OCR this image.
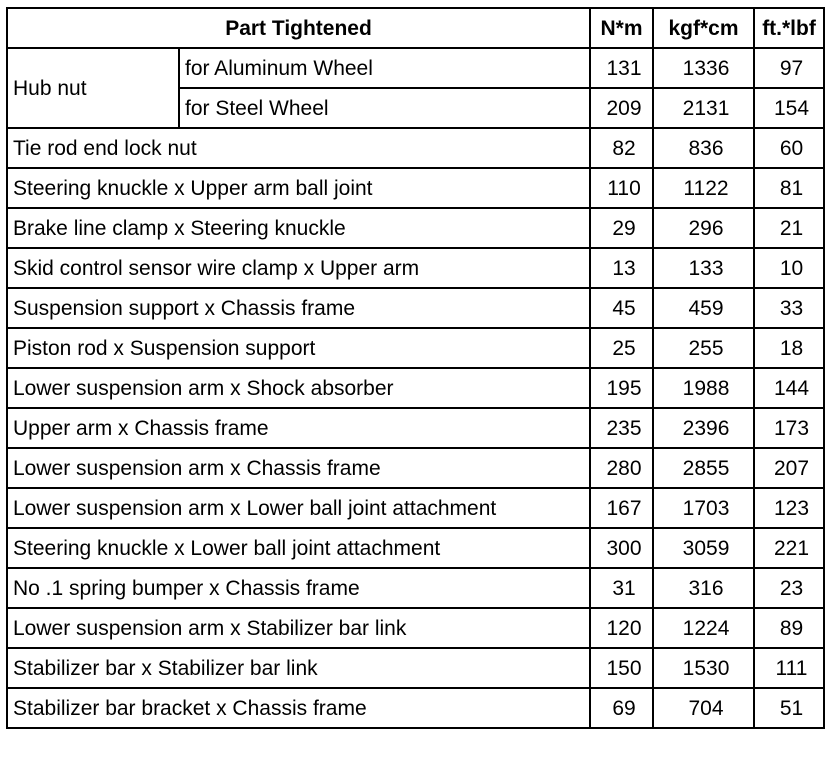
Part Tightened		N*m	kgf*cm	ft.*lbf
Hub nut	for Aluminum Wheel	131	1336	97
	for Steel Wheel	209	2131	154
Tie rod end lock nut		82	836	60
Steering knuckle x Upper arm ball joint		110	1122	81
Brake line clamp x Steering knuckle		29	296	21
Skid control sensor wire clamp x Upper arm		13	133	10
Suspension support x Chassis frame		45	459	33
Piston rod x Suspension support		25	255	18
Lower suspension arm x Shock absorber		195	1988	144
Upper arm x Chassis frame		235	2396	173
Lower suspension arm x Chassis frame		280	2855	207
Lower suspension arm x Lower ball joint attachment		167	1703	123
Steering knuckle x Lower ball joint attachment		300	3059	221
No .1 spring bumper x Chassis frame		31	316	23
Lower suspension arm x Stabilizer bar link		120	1224	89
Stabilizer bar x Stabilizer bar link		150	1530	111
Stabilizer bar bracket x Chassis frame		69	704	51
